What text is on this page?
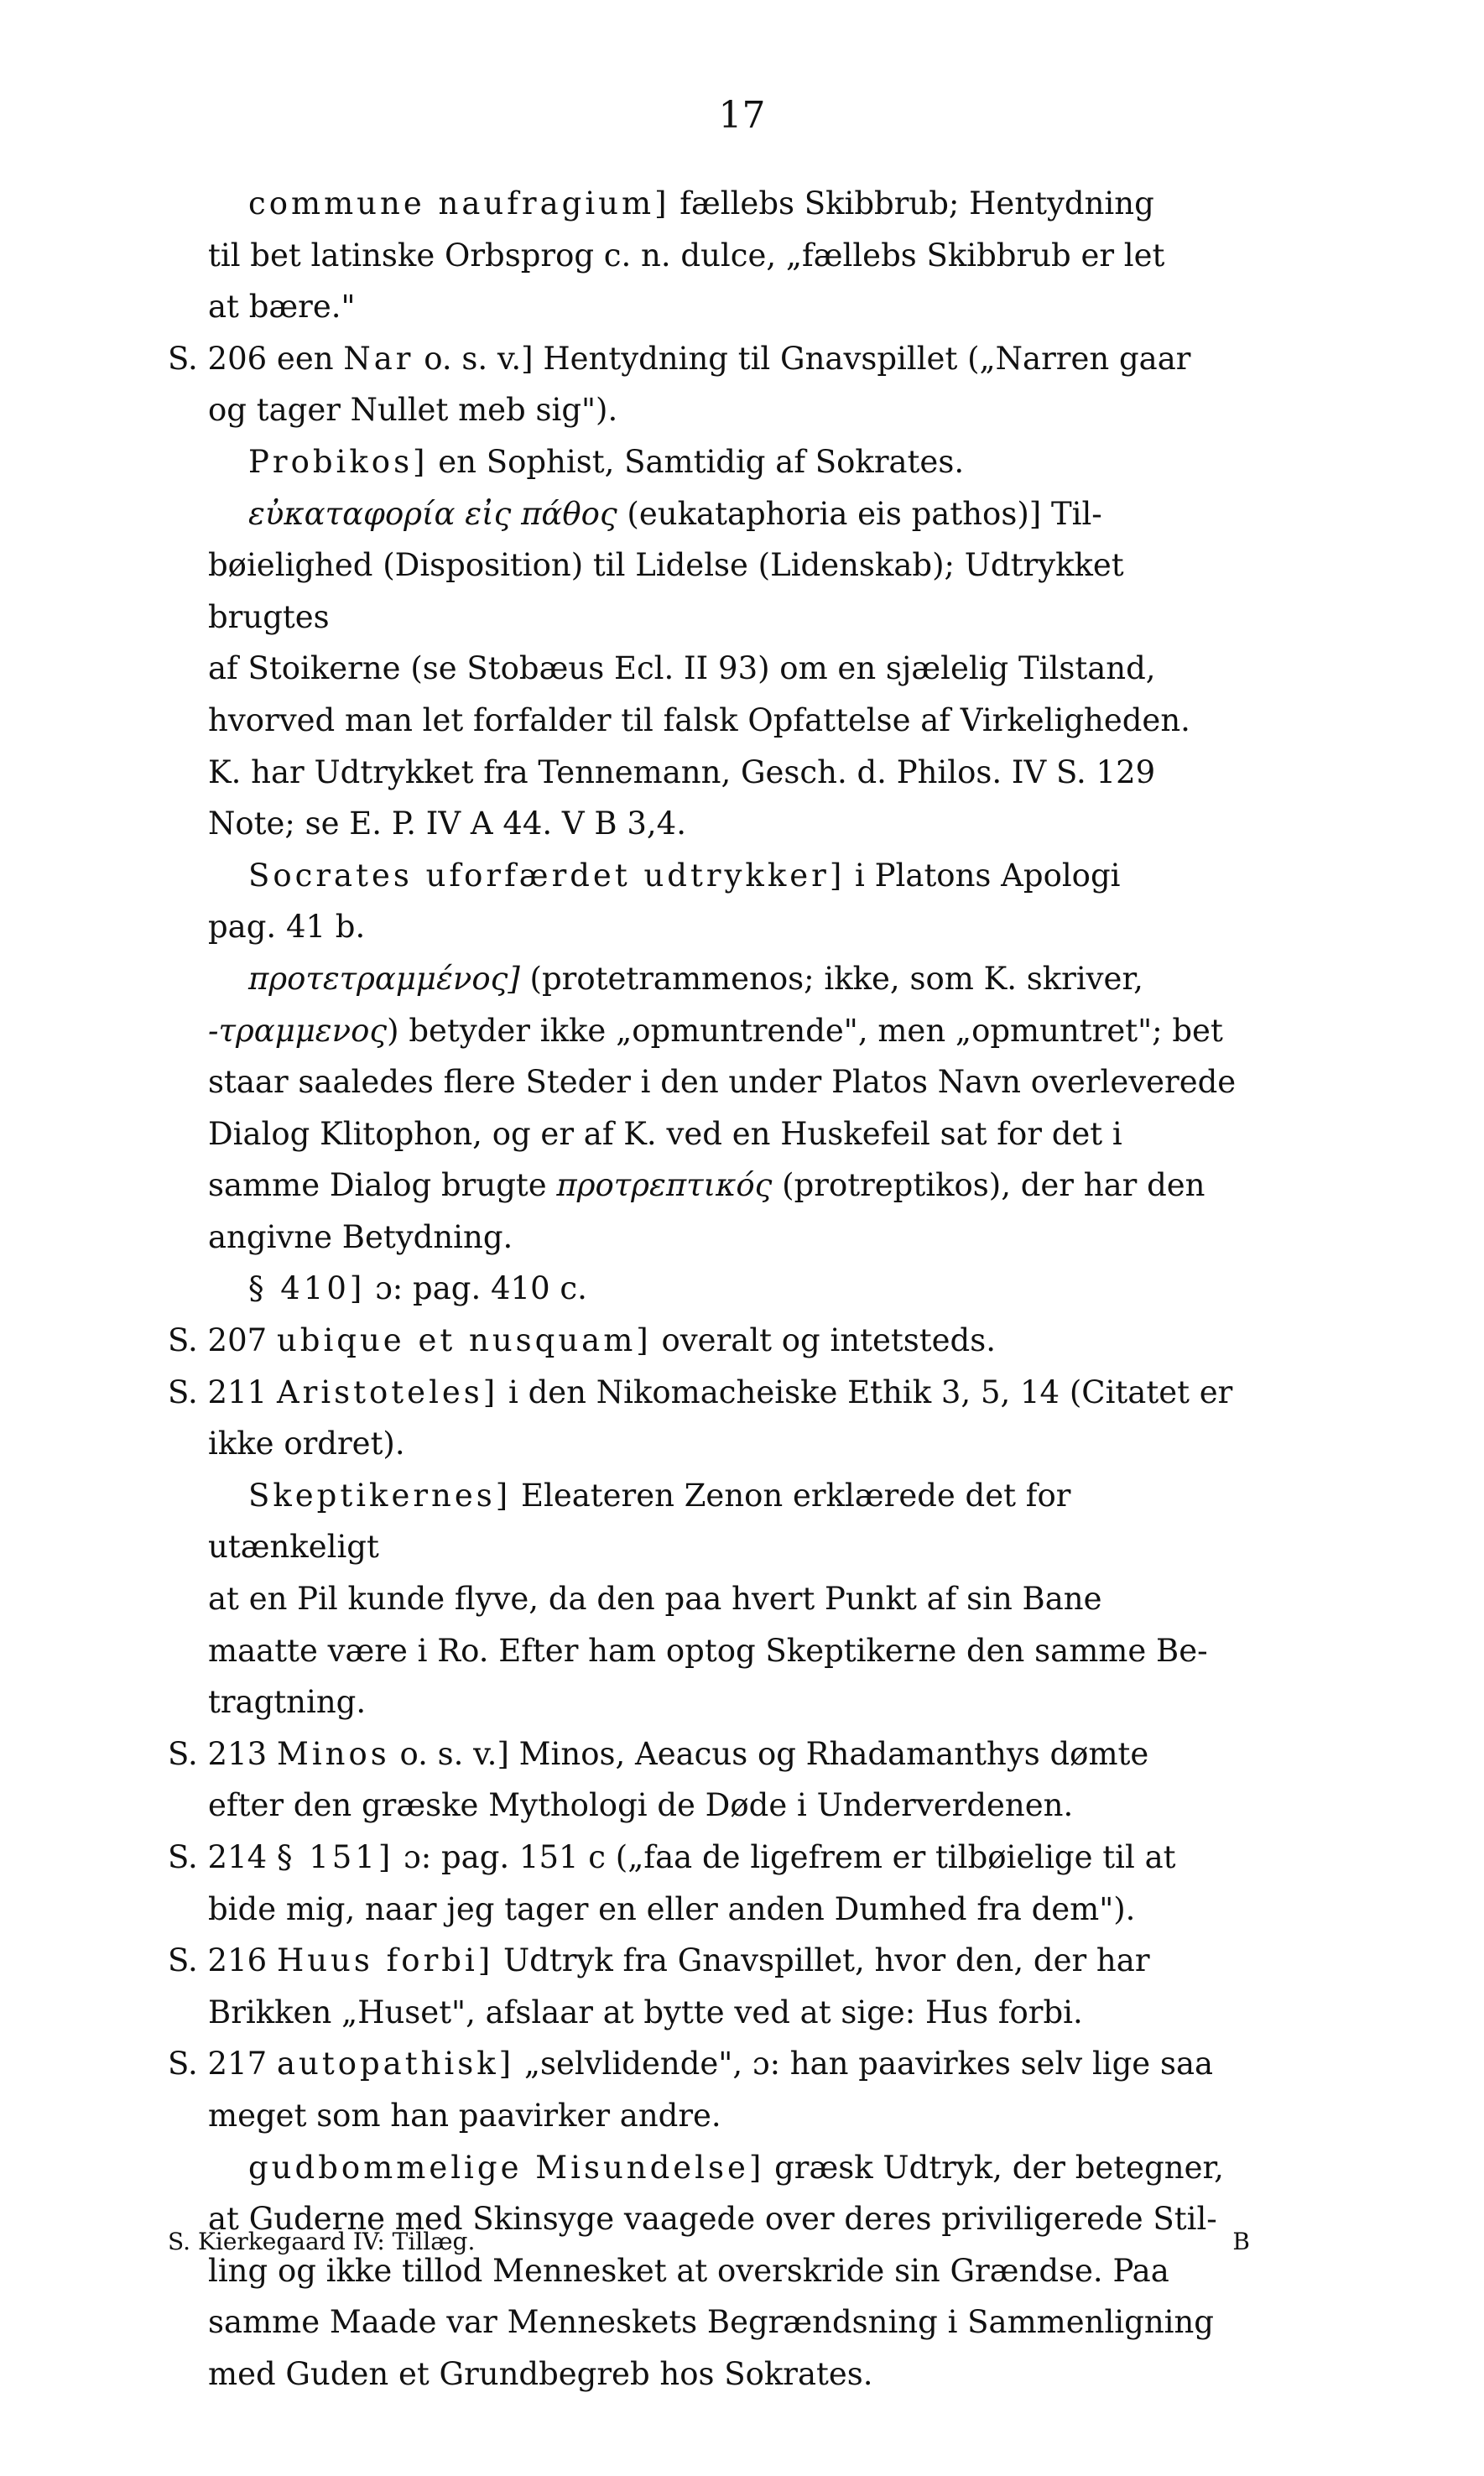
17
commune naufragium] fællebs Skibbrub; Hentydning
til bet latinske Orbsprog c. n. dulce, „fællebs Skibbrub er let
at bære."
S. 206 een Nar o. s. v.] Hentydning til Gnavspillet („Narren gaar
og tager Nullet meb sig").
Probikos] en Sophist, Samtidig af Sokrates.
εὐκαταφορία εἰς πάθος (eukataphoria eis pathos)] Til-
bøielighed (Disposition) til Lidelse (Lidenskab); Udtrykket brugtes
af Stoikerne (se Stobæus Ecl. II 93) om en sjælelig Tilstand,
hvorved man let forfalder til falsk Opfattelse af Virkeligheden.
K. har Udtrykket fra Tennemann, Gesch. d. Philos. IV S. 129
Note; se E. P. IV A 44. V B 3,4.
Socrates uforfærdet udtrykker] i Platons Apologi
pag. 41 b.
προτετραμμένος] (protetrammenos; ikke, som K. skriver,
-τραμμενος) betyder ikke „opmuntrende", men „opmuntret"; bet
staar saaledes flere Steder i den under Platos Navn overleverede
Dialog Klitophon, og er af K. ved en Huskefeil sat for det i
samme Dialog brugte προτρεπτικός (protreptikos), der har den
angivne Betydning.
§ 410] ɔ: pag. 410 c.
S. 207 ubique et nusquam] overalt og intetsteds.
S. 211 Aristoteles] i den Nikomacheiske Ethik 3, 5, 14 (Citatet er
ikke ordret).
Skeptikernes] Eleateren Zenon erklærede det for utænkeligt
at en Pil kunde flyve, da den paa hvert Punkt af sin Bane
maatte være i Ro. Efter ham optog Skeptikerne den samme Be-
tragtning.
S. 213 Minos o. s. v.] Minos, Aeacus og Rhadamanthys dømte
efter den græske Mythologi de Døde i Underverdenen.
S. 214 § 151] ɔ: pag. 151 c („faa de ligefrem er tilbøielige til at
bide mig, naar jeg tager en eller anden Dumhed fra dem").
S. 216 Huus forbi] Udtryk fra Gnavspillet, hvor den, der har
Brikken „Huset", afslaar at bytte ved at sige: Hus forbi.
S. 217 autopathisk] „selvlidende", ɔ: han paavirkes selv lige saa
meget som han paavirker andre.
gudbommelige Misundelse] græsk Udtryk, der betegner,
at Guderne med Skinsyge vaagede over deres priviligerede Stil-
ling og ikke tillod Mennesket at overskride sin Grændse. Paa
samme Maade var Menneskets Begrændsning i Sammenligning
med Guden et Grundbegreb hos Sokrates.
S. Kierkegaard IV: Tillæg.	B
